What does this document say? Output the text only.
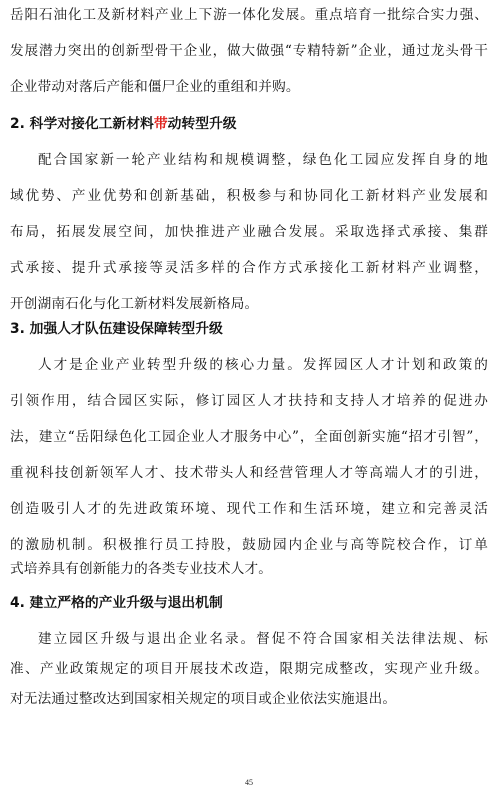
岳阳石油化工及新材料产业上下游一体化发展。重点培育一批综合实力强、
发展潜力突出的创新型骨干企业，做大做强“专精特新”企业，通过龙头骨干
企业带动对落后产能和僵尸企业的重组和并购。
2. 科学对接化工新材料带动转型升级
配合国家新一轮产业结构和规模调整，绿色化工园应发挥自身的地
域优势、产业优势和创新基础，积极参与和协同化工新材料产业发展和
布局，拓展发展空间，加快推进产业融合发展。采取选择式承接、集群
式承接、提升式承接等灵活多样的合作方式承接化工新材料产业调整，
开创湖南石化与化工新材料发展新格局。
3. 加强人才队伍建设保障转型升级
人才是企业产业转型升级的核心力量。发挥园区人才计划和政策的
引领作用，结合园区实际，修订园区人才扶持和支持人才培养的促进办
法，建立“岳阳绿色化工园企业人才服务中心”，全面创新实施“招才引智”，
重视科技创新领军人才、技术带头人和经营管理人才等高端人才的引进，
创造吸引人才的先进政策环境、现代工作和生活环境，建立和完善灵活
的激励机制。积极推行员工持股，鼓励园内企业与高等院校合作，订单
式培养具有创新能力的各类专业技术人才。
4. 建立严格的产业升级与退出机制
建立园区升级与退出企业名录。督促不符合国家相关法律法规、标
准、产业政策规定的项目开展技术改造，限期完成整改，实现产业升级。
对无法通过整改达到国家相关规定的项目或企业依法实施退出。
45
